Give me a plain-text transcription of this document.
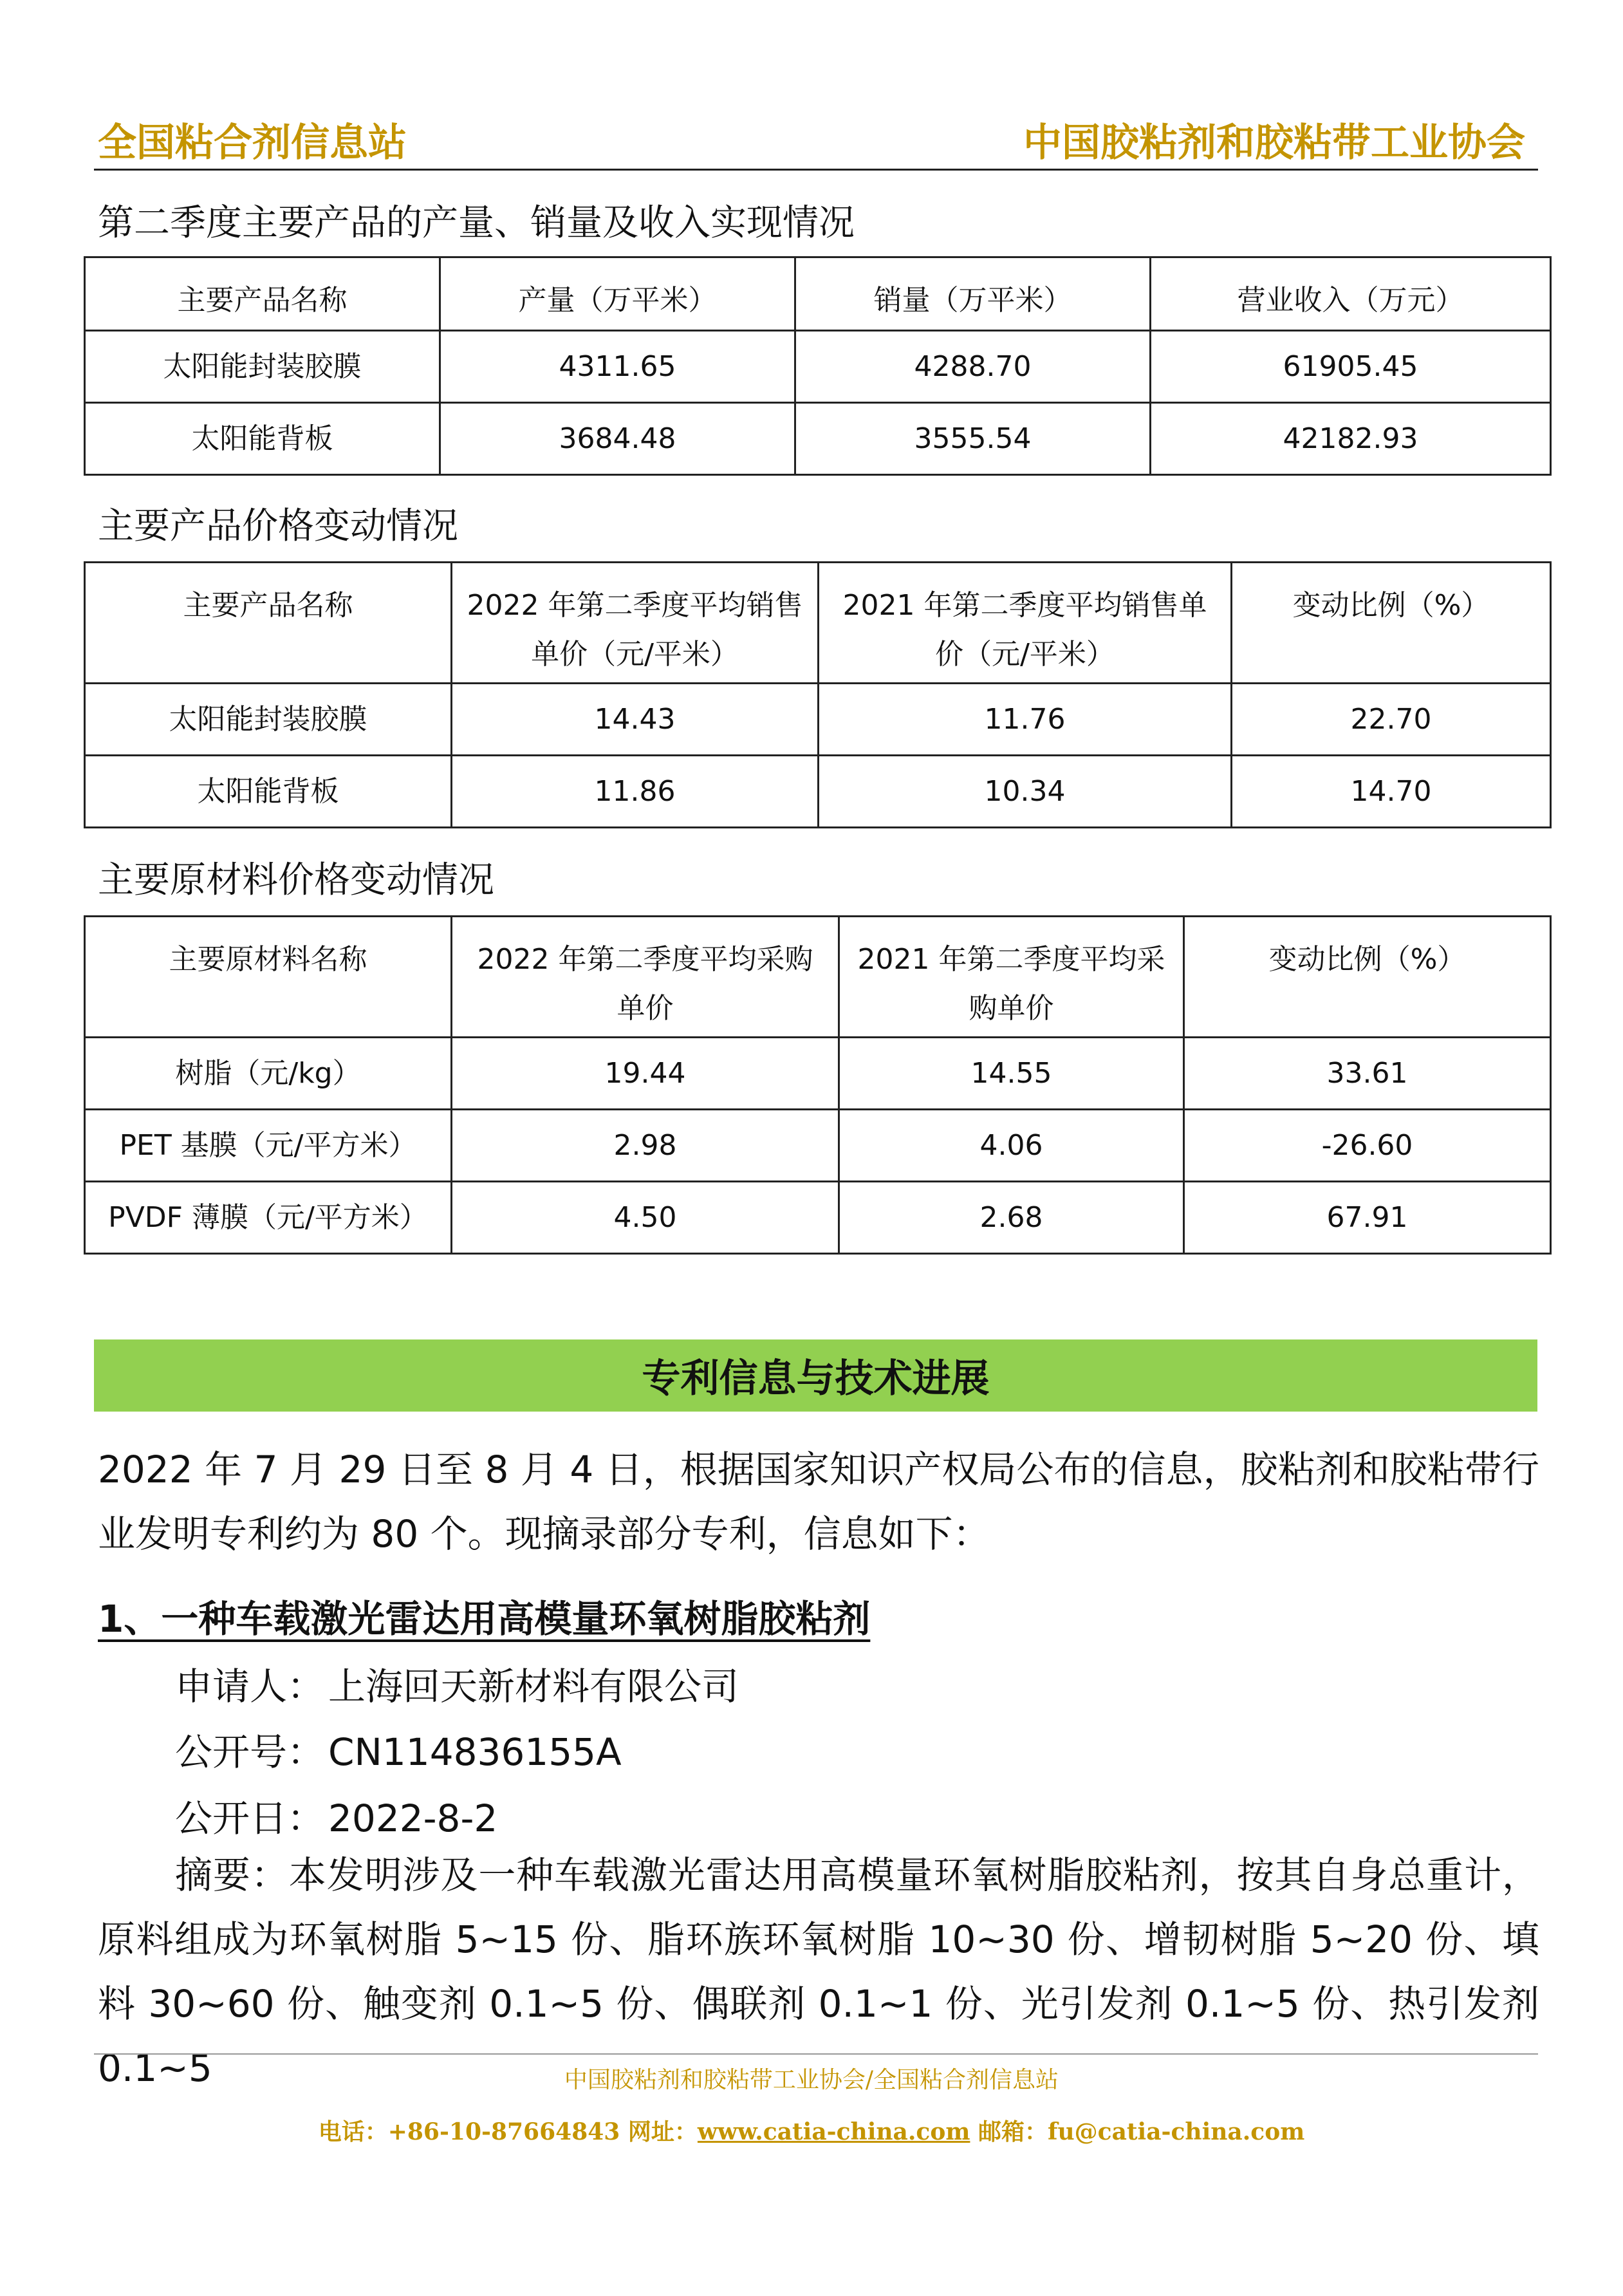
全国粘合剂信息站	中国胶粘剂和胶粘带工业协会
第二季度主要产品的产量、销量及收入实现情况
主要产品名称	产量（万平米）	销量（万平米）	营业收入（万元）
太阳能封装胶膜	4311.65	4288.70	61905.45
太阳能背板	3684.48	3555.54	42182.93
主要产品价格变动情况
主要产品名称	2022 年第二季度平均销售单价（元/平米）	2021 年第二季度平均销售单价（元/平米）	变动比例（%）
太阳能封装胶膜	14.43	11.76	22.70
太阳能背板	11.86	10.34	14.70
主要原材料价格变动情况
主要原材料名称	2022 年第二季度平均采购单价	2021 年第二季度平均采购单价	变动比例（%）
树脂（元/kg）	19.44	14.55	33.61
PET 基膜（元/平方米）	2.98	4.06	-26.60
PVDF 薄膜（元/平方米）	4.50	2.68	67.91
专利信息与技术进展
2022 年 7 月 29 日至 8 月 4 日，根据国家知识产权局公布的信息，胶粘剂和胶粘带行业发明专利约为 80 个。现摘录部分专利，信息如下：
1、一种车载激光雷达用高模量环氧树脂胶粘剂
申请人： 上海回天新材料有限公司
公开号： CN114836155A
公开日： 2022-8-2
摘要：本发明涉及一种车载激光雷达用高模量环氧树脂胶粘剂，按其自身总重计，原料组成为环氧树脂 5~15 份、脂环族环氧树脂 10~30 份、增韧树脂 5~20 份、填料 30~60 份、触变剂 0.1~5 份、偶联剂 0.1~1 份、光引发剂 0.1~5 份、热引发剂 0.1~5	中国胶粘剂和胶粘带工业协会/全国粘合剂信息站
电话：+86-10-87664843 网址：www.catia-china.com 邮箱：fu@catia-china.com
